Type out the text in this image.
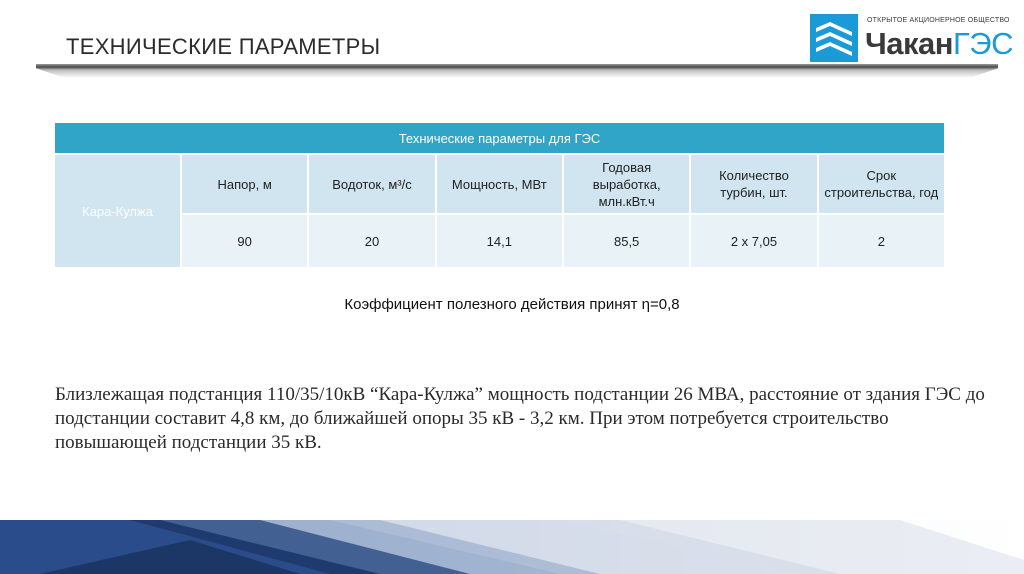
ТЕХНИЧЕСКИЕ ПАРАМЕТРЫ
ОТКРЫТОЕ АКЦИОНЕРНОЕ ОБЩЕСТВО
ЧаканГЭС
Технические параметры для ГЭС						
Кара-Кулжа	Напор, м	Водоток, м³/с	Мощность, МВт	Годовая выработка, млн.кВт.ч	Количество турбин, шт.	Срок строительства, год
	90	20	14,1	85,5	2 х 7,05	2
Коэффициент полезного действия принят η=0,8
Близлежащая подстанция 110/35/10кВ “Кара-Кулжа” мощность подстанции 26 МВА, расстояние от здания ГЭС до подстанции составит 4,8 км, до ближайшей опоры 35 кВ - 3,2 км. При этом потребуется строительство повышающей подстанции 35 кВ.
